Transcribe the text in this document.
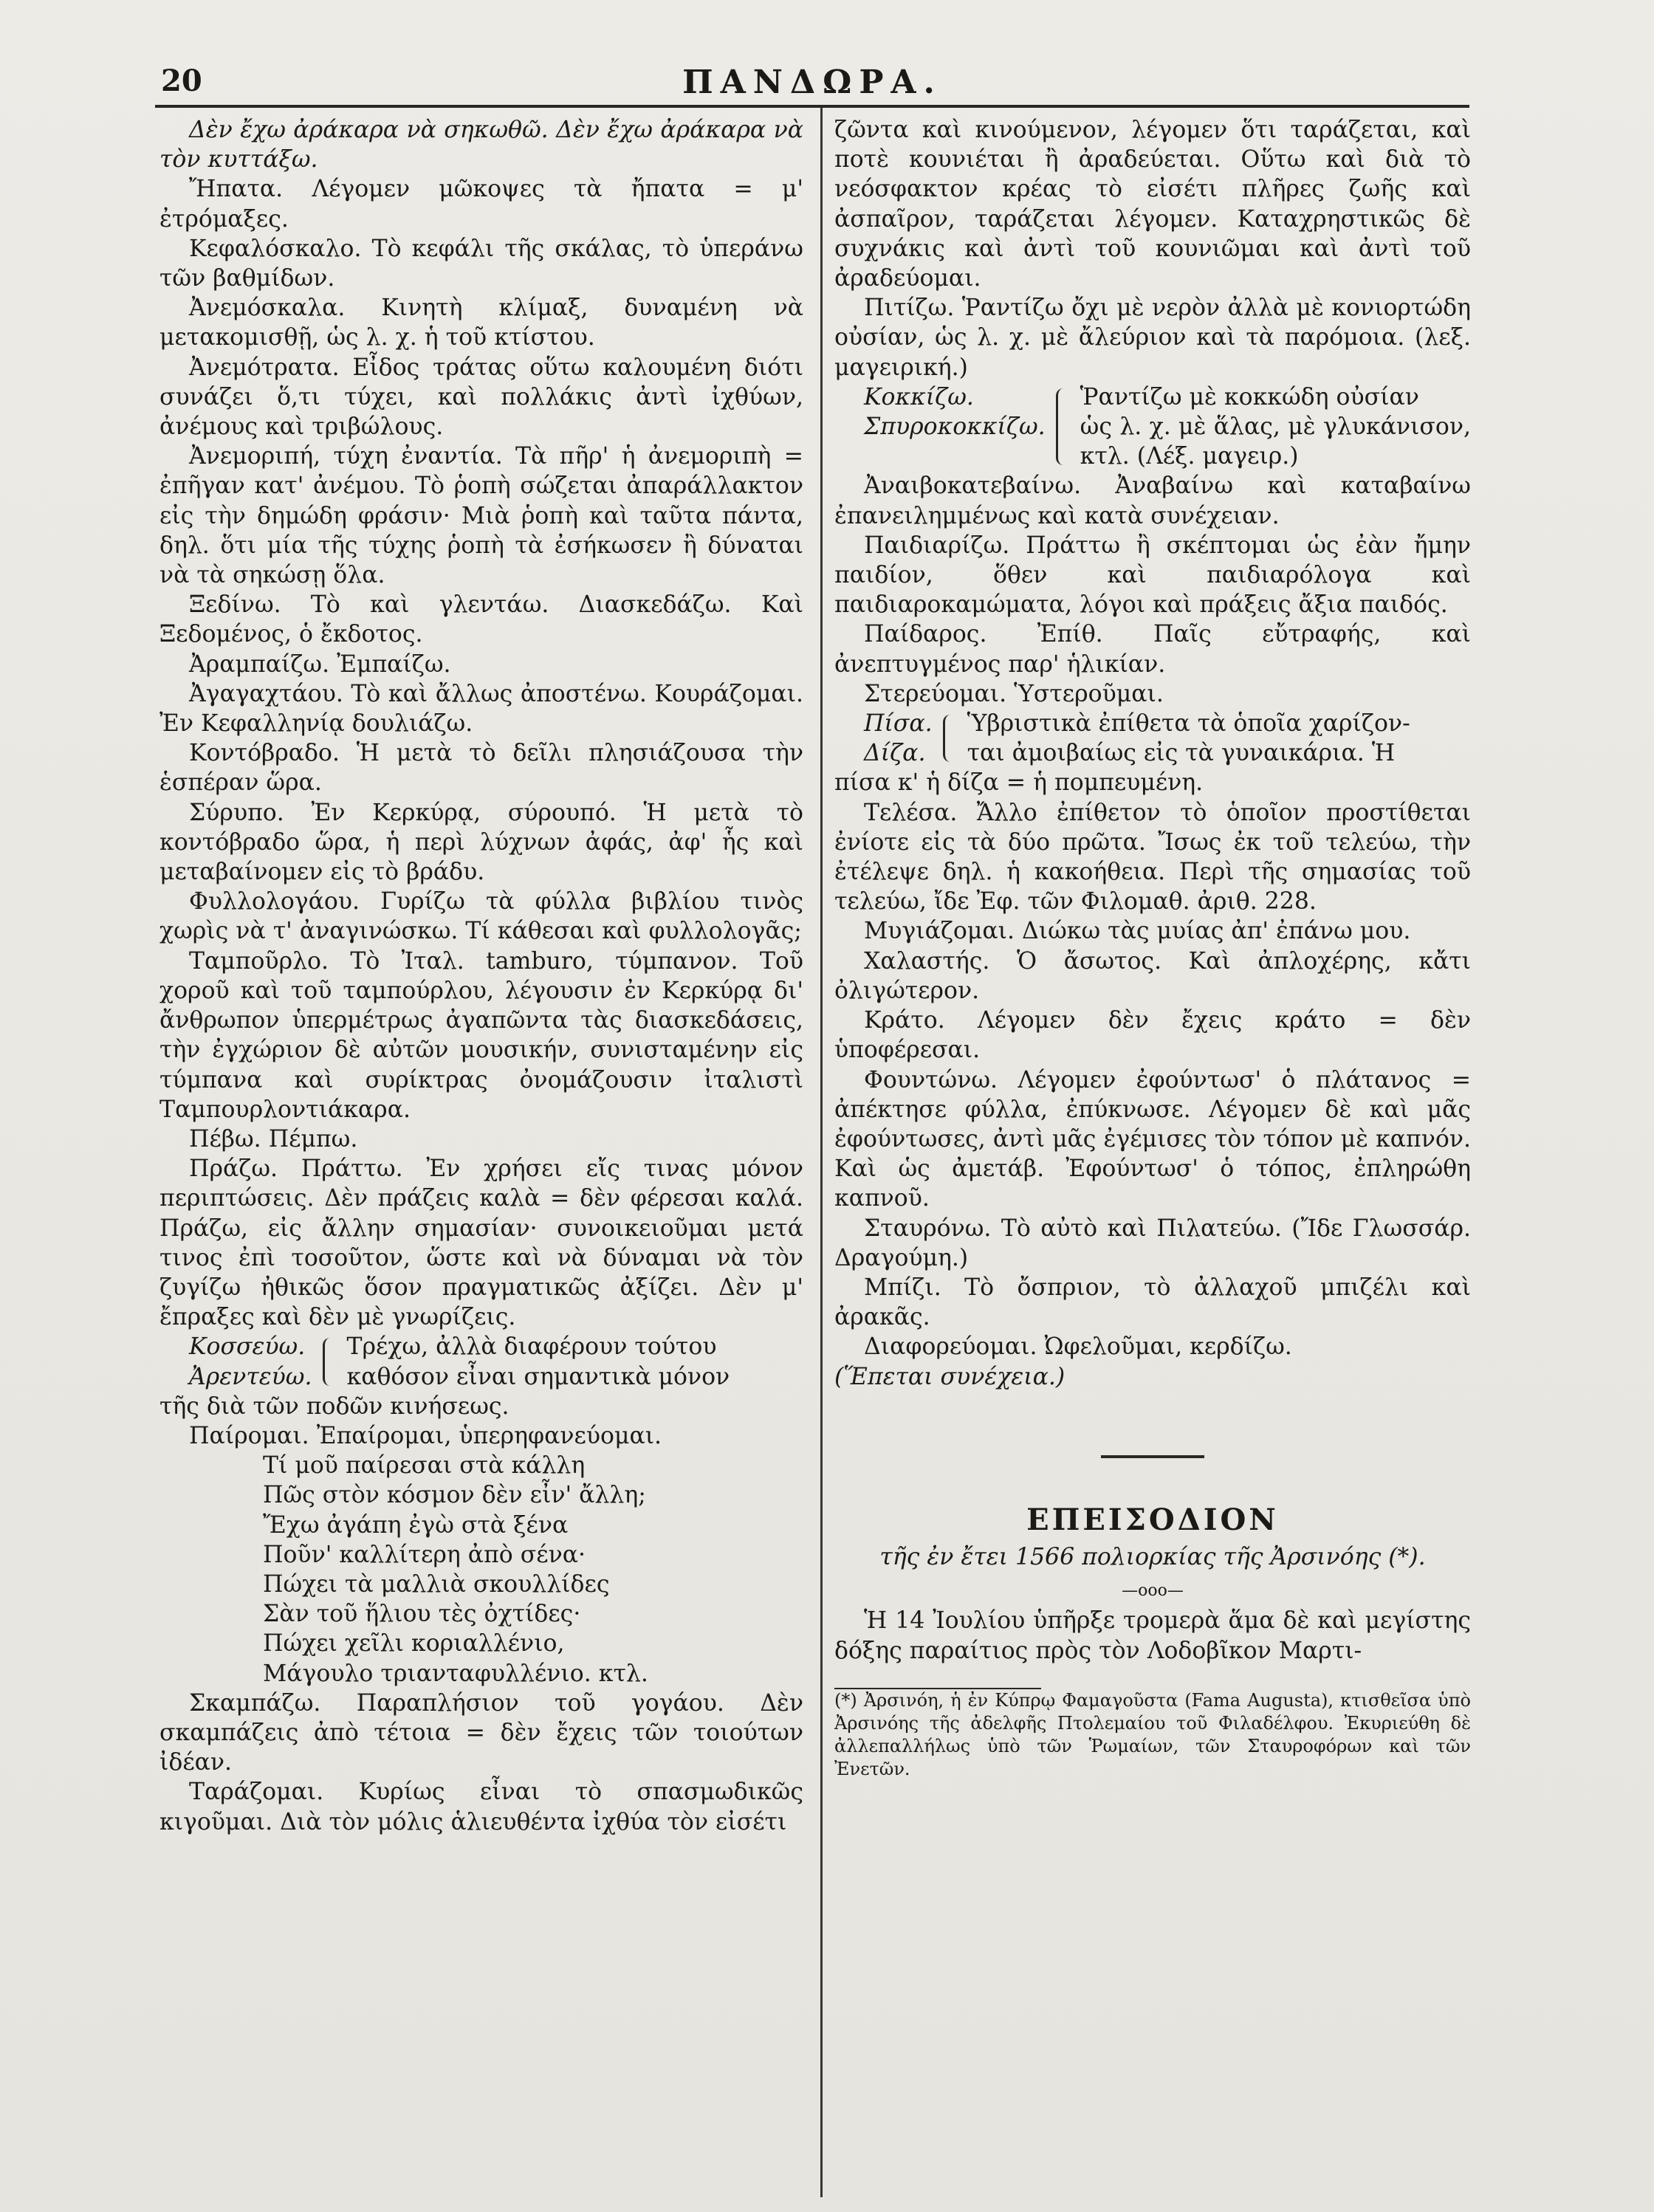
20	ΠΑΝΔΩΡΑ.

Δὲν ἔχω ἀράκαρα νὰ σηκωθῶ. Δὲν ἔχω ἀράκαρα νὰ τὸν κυττάξω.

Ἤπατα. Λέγομεν μῶκοψες τὰ ἤπατα = μ' ἐτρόμαξες.

Κεφαλόσκαλο. Τὸ κεφάλι τῆς σκάλας, τὸ ὑπεράνω τῶν βαθμίδων.

Ἀνεμόσκαλα. Κινητὴ κλίμαξ, δυναμένη νὰ μετακομισθῇ, ὡς λ. χ. ἡ τοῦ κτίστου.

Ἀνεμότρατα. Εἶδος τράτας οὕτω καλουμένη διότι συνάζει ὅ,τι τύχει, καὶ πολλάκις ἀντὶ ἰχθύων, ἀνέμους καὶ τριβώλους.

Ἀνεμοριπή, τύχη ἐναντία. Τὰ πῆρ' ἡ ἀνεμοριπὴ = ἐπῆγαν κατ' ἀνέμου. Τὸ ῥοπὴ σώζεται ἀπαράλλακτον εἰς τὴν δημώδη φράσιν· Μιὰ ῥοπὴ καὶ ταῦτα πάντα, δηλ. ὅτι μία τῆς τύχης ῥοπὴ τὰ ἐσήκωσεν ἢ δύναται νὰ τὰ σηκώσῃ ὅλα.

Ξεδίνω. Τὸ καὶ γλεντάω. Διασκεδάζω. Καὶ Ξεδομένος, ὁ ἔκδοτος.

Ἀραμπαίζω. Ἐμπαίζω.

Ἀγαγαχτάου. Τὸ καὶ ἄλλως ἀποστένω. Κουράζομαι. Ἐν Κεφαλληνίᾳ δουλιάζω.

Κοντόβραδο. Ἡ μετὰ τὸ δεῖλι πλησιάζουσα τὴν ἑσπέραν ὥρα.

Σύρυπο. Ἐν Κερκύρᾳ, σύρουπό. Ἡ μετὰ τὸ κοντόβραδο ὥρα, ἡ περὶ λύχνων ἀφάς, ἀφ' ἧς καὶ μεταβαίνομεν εἰς τὸ βράδυ.

Φυλλολογάου. Γυρίζω τὰ φύλλα βιβλίου τινὸς χωρὶς νὰ τ' ἀναγινώσκω. Τί κάθεσαι καὶ φυλλολογᾶς;

Ταμποῦρλο. Τὸ Ἰταλ. tamburo, τύμπανον. Τοῦ χοροῦ καὶ τοῦ ταμπούρλου, λέγουσιν ἐν Κερκύρᾳ δι' ἄνθρωπον ὑπερμέτρως ἀγαπῶντα τὰς διασκεδάσεις, τὴν ἐγχώριον δὲ αὐτῶν μουσικήν, συνισταμένην εἰς τύμπανα καὶ συρίκτρας ὀνομάζουσιν ἰταλιστὶ Ταμπουρλοντιάκαρα.

Πέβω. Πέμπω.

Πράζω. Πράττω. Ἐν χρήσει εἴς τινας μόνον περιπτώσεις. Δὲν πράζεις καλὰ = δὲν φέρεσαι καλά. Πράζω, εἰς ἄλλην σημασίαν· συνοικειοῦμαι μετά τινος ἐπὶ τοσοῦτον, ὥστε καὶ νὰ δύναμαι νὰ τὸν ζυγίζω ἠθικῶς ὅσον πραγματικῶς ἀξίζει. Δὲν μ' ἔπραξες καὶ δὲν μὲ γνωρίζεις.

Κοσσεύω.
Ἀρεντεύω.
Τρέχω, ἀλλὰ διαφέρουν τούτου
καθόσον εἶναι σημαντικὰ μόνον

τῆς διὰ τῶν ποδῶν κινήσεως.

Παίρομαι. Ἐπαίρομαι, ὑπερηφανεύομαι.

Τί μοῦ παίρεσαι στὰ κάλλη
Πῶς στὸν κόσμον δὲν εἶν' ἄλλη;
Ἔχω ἀγάπη ἐγὼ στὰ ξένα
Ποῦν' καλλίτερη ἀπὸ σένα·
Πώχει τὰ μαλλιὰ σκουλλίδες
Σὰν τοῦ ἥλιου τὲς ὀχτίδες·
Πώχει χεῖλι κοριαλλένιο,
Μάγουλο τριανταφυλλένιο. κτλ.

Σκαμπάζω. Παραπλήσιον τοῦ γογάου. Δὲν σκαμπάζεις ἀπὸ τέτοια = δὲν ἔχεις τῶν τοιούτων ἰδέαν.

Ταράζομαι. Κυρίως εἶναι τὸ σπασμωδικῶς κιγοῦμαι. Διὰ τὸν μόλις ἁλιευθέντα ἰχθύα τὸν εἰσέτι

ζῶντα καὶ κινούμενον, λέγομεν ὅτι ταράζεται, καὶ ποτὲ κουνιέται ἢ ἀραδεύεται. Οὕτω καὶ διὰ τὸ νεόσφακτον κρέας τὸ εἰσέτι πλῆρες ζωῆς καὶ ἀσπαῖρον, ταράζεται λέγομεν. Καταχρηστικῶς δὲ συχνάκις καὶ ἀντὶ τοῦ κουνιῶμαι καὶ ἀντὶ τοῦ ἀραδεύομαι.

Πιτίζω. Ῥαντίζω ὄχι μὲ νερὸν ἀλλὰ μὲ κονιορτώδη οὐσίαν, ὡς λ. χ. μὲ ἄλεύριον καὶ τὰ παρόμοια. (λεξ. μαγειρική.)

Κοκκίζω.
Σπυροκοκκίζω.
Ῥαντίζω μὲ κοκκώδη οὐσίαν
ὡς λ. χ. μὲ ἅλας, μὲ γλυκάνισον, κτλ. (Λέξ. μαγειρ.)

Ἀναιβοκατεβαίνω. Ἀναβαίνω καὶ καταβαίνω ἐπανειλημμένως καὶ κατὰ συνέχειαν.

Παιδιαρίζω. Πράττω ἢ σκέπτομαι ὡς ἐὰν ἤμην παιδίον, ὅθεν καὶ παιδιαρόλογα καὶ παιδιαροκαμώματα, λόγοι καὶ πράξεις ἄξια παιδός.

Παίδαρος. Ἐπίθ. Παῖς εὔτραφής, καὶ ἀνεπτυγμένος παρ' ἡλικίαν.

Στερεύομαι. Ὑστεροῦμαι.

Πίσα.
Δίζα.
Ὑβριστικὰ ἐπίθετα τὰ ὁποῖα χαρίζον-
ται ἀμοιβαίως εἰς τὰ γυναικάρια. Ἡ

πίσα κ' ἡ δίζα = ἡ πομπευμένη.

Τελέσα. Ἄλλο ἐπίθετον τὸ ὁποῖον προστίθεται ἐνίοτε εἰς τὰ δύο πρῶτα. Ἴσως ἐκ τοῦ τελεύω, τὴν ἐτέλεψε δηλ. ἡ κακοήθεια. Περὶ τῆς σημασίας τοῦ τελεύω, ἴδε Ἐφ. τῶν Φιλομαθ. ἀριθ. 228.

Μυγιάζομαι. Διώκω τὰς μυίας ἀπ' ἐπάνω μου.

Χαλαστής. Ὁ ἄσωτος. Καὶ ἀπλοχέρης, κἄτι ὀλιγώτερον.

Κράτο. Λέγομεν δὲν ἔχεις κράτο = δὲν ὑποφέρεσαι.

Φουντώνω. Λέγομεν ἐφούντωσ' ὁ πλάτανος = ἀπέκτησε φύλλα, ἐπύκνωσε. Λέγομεν δὲ καὶ μᾶς ἐφούντωσες, ἀντὶ μᾶς ἐγέμισες τὸν τόπον μὲ καπνόν. Καὶ ὡς ἀμετάβ. Ἐφούντωσ' ὁ τόπος, ἐπληρώθη καπνοῦ.

Σταυρόνω. Τὸ αὐτὸ καὶ Πιλατεύω. (Ἴδε Γλωσσάρ. Δραγούμη.)

Μπίζι. Τὸ ὄσπριον, τὸ ἀλλαχοῦ μπιζέλι καὶ ἀρακᾶς.

Διαφορεύομαι. Ὠφελοῦμαι, κερδίζω.

(Ἕπεται συνέχεια.)

ΕΠΕΙΣΟΔΙΟΝ
τῆς ἐν ἔτει 1566 πολιορκίας τῆς Ἀρσινόης (*).
—ooo—

Ἡ 14 Ἰουλίου ὑπῆρξε τρομερὰ ἅμα δὲ καὶ μεγίστης δόξης παραίτιος πρὸς τὸν Λοδοβῖκον Μαρτι-

(*) Ἀρσινόη, ἡ ἐν Κύπρῳ Φαμαγοῦστα (Fama Augusta), κτισθεῖσα ὑπὸ Ἀρσινόης τῆς ἀδελφῆς Πτολεμαίου τοῦ Φιλαδέλφου. Ἐκυριεύθη δὲ ἀλλεπαλλήλως ὑπὸ τῶν Ῥωμαίων, τῶν Σταυροφόρων καὶ τῶν Ἐνετῶν.
